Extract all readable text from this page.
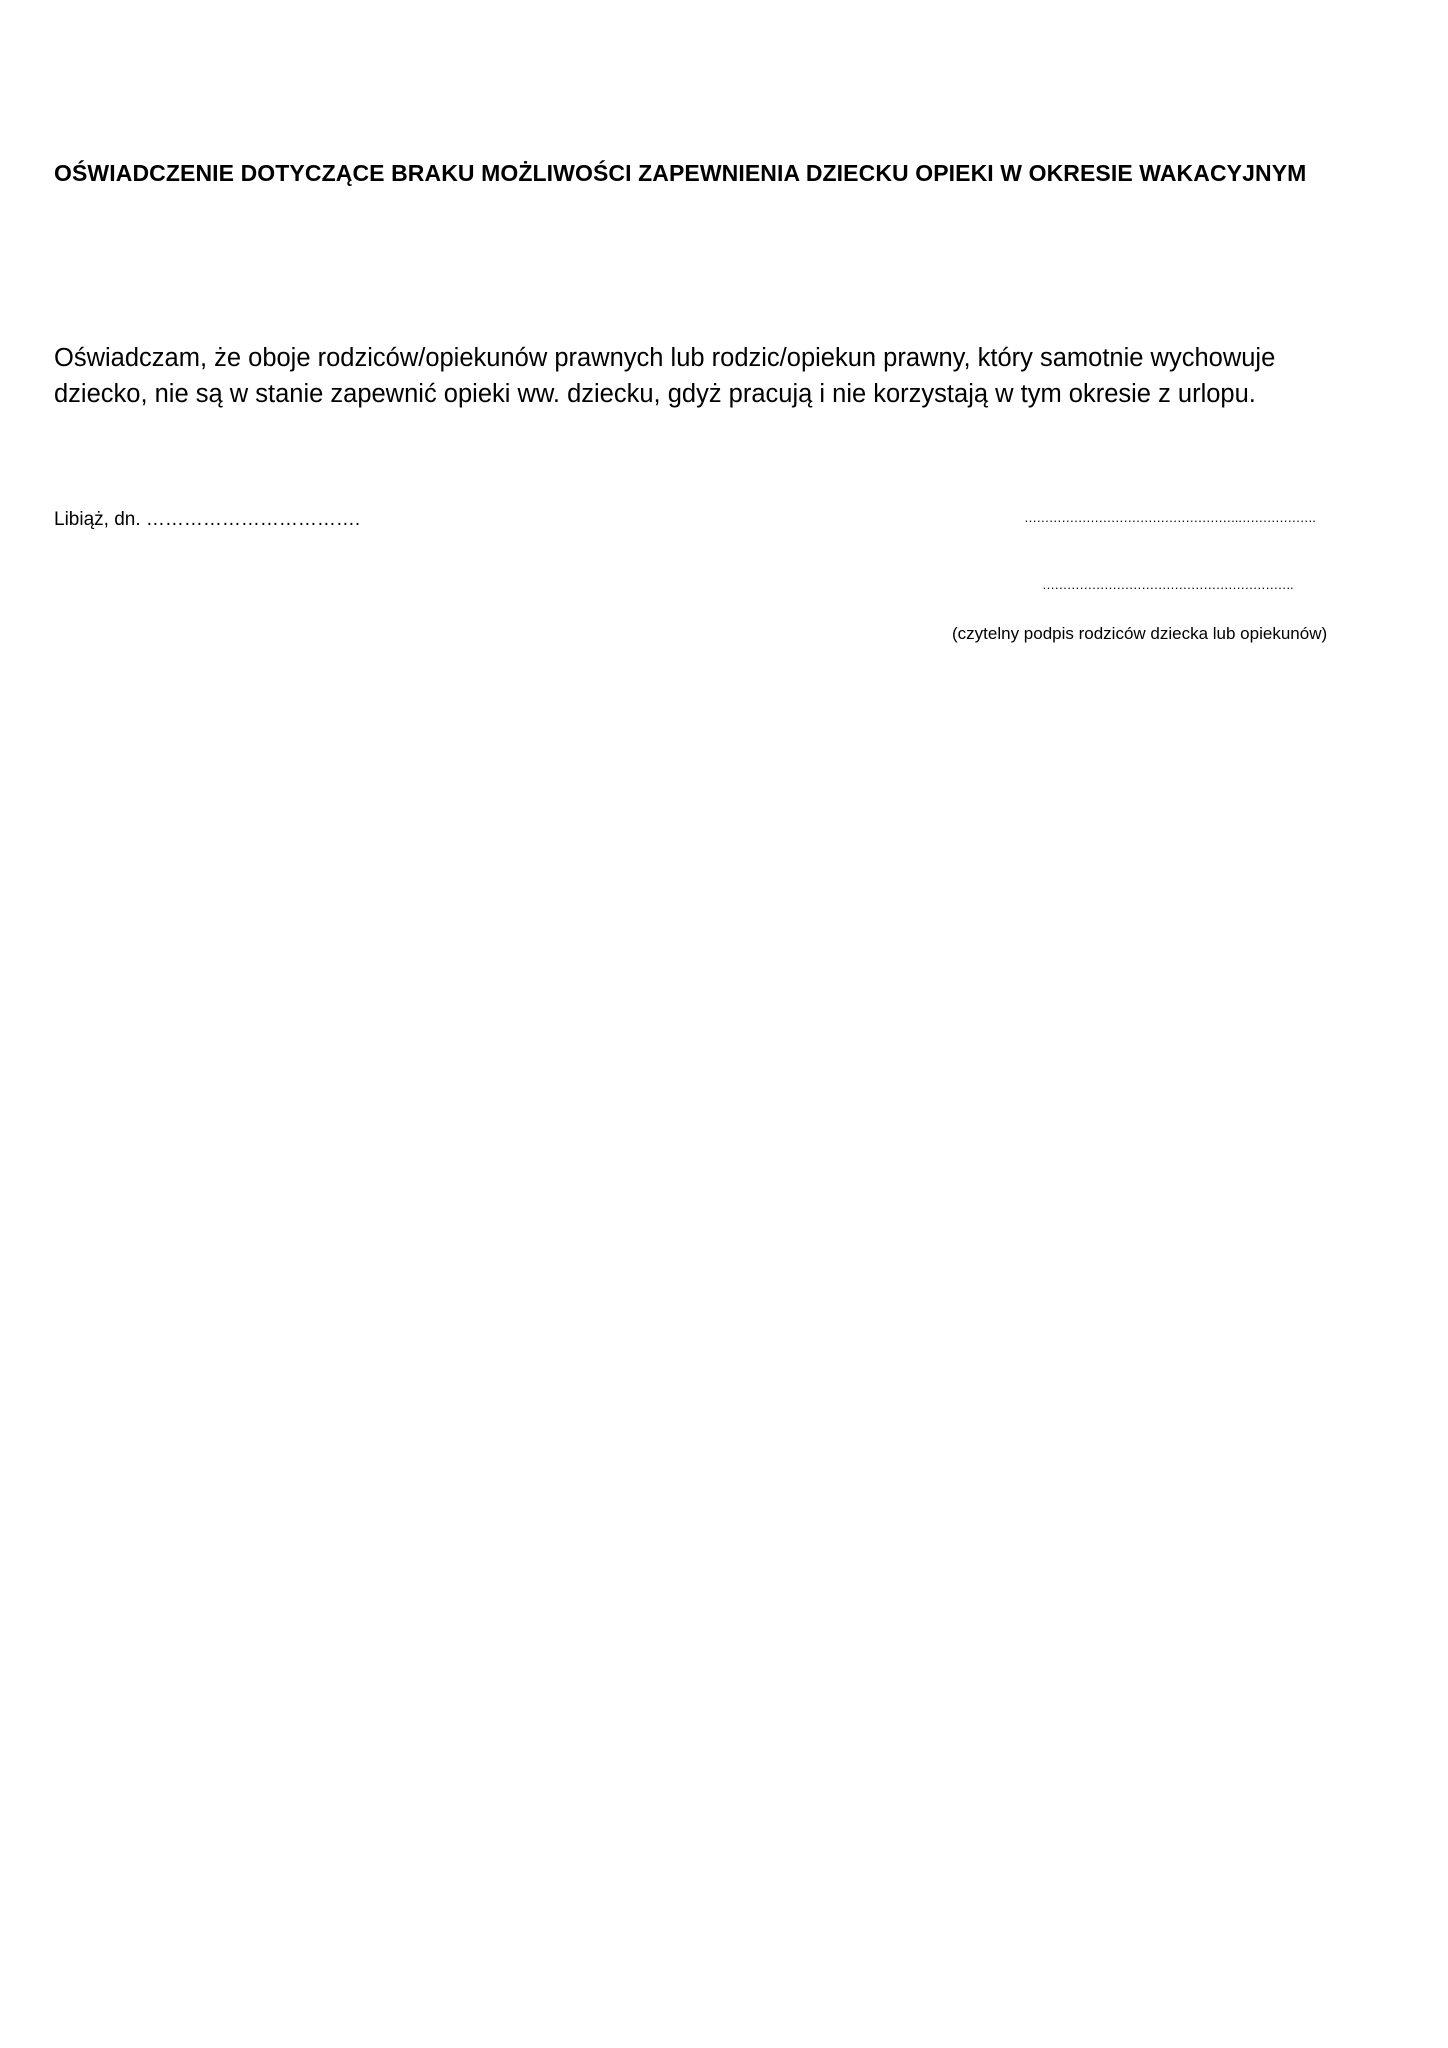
OŚWIADCZENIE DOTYCZĄCE BRAKU MOŻLIWOŚCI ZAPEWNIENIA DZIECKU OPIEKI W OKRESIE WAKACYJNYM

Oświadczam, że oboje rodziców/opiekunów prawnych lub rodzic/opiekun prawny, który samotnie wychowuje
dziecko, nie są w stanie zapewnić opieki ww. dziecku, gdyż pracują i nie korzystają w tym okresie z urlopu.

Libiąż, dn. …………………………….	…………………………………………….……………….
…………………………………………………….
(czytelny podpis rodziców dziecka lub opiekunów)
